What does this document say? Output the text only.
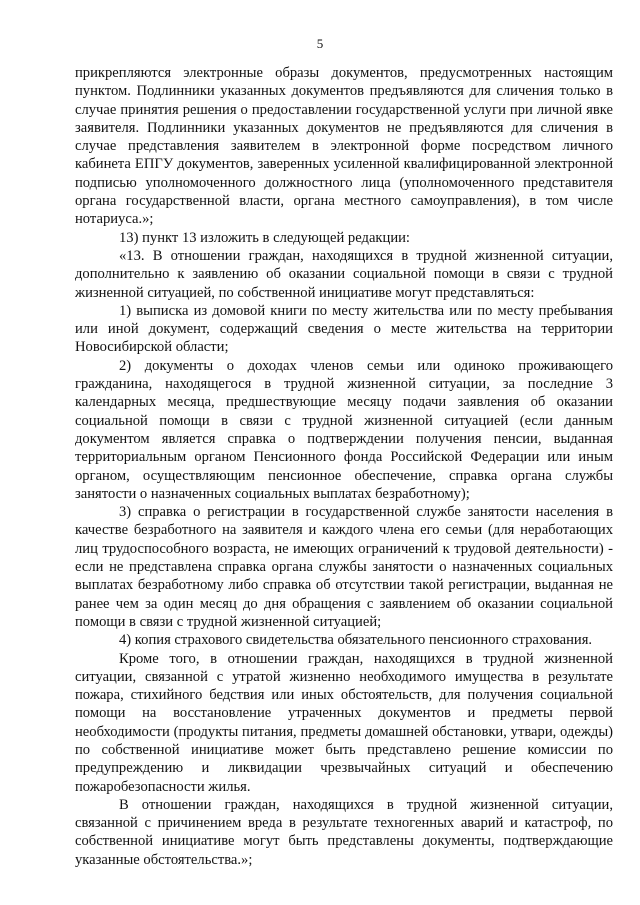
5

прикрепляются электронные образы документов, предусмотренных настоящим пунктом. Подлинники указанных документов предъявляются для сличения только в случае принятия решения о предоставлении государственной услуги при личной явке заявителя. Подлинники указанных документов не предъявляются для сличения в случае представления заявителем в электронной форме посредством личного кабинета ЕПГУ документов, заверенных усиленной квалифицированной электронной подписью уполномоченного должностного лица (уполномоченного представителя органа государственной власти, органа местного самоуправления), в том числе нотариуса.»;

13) пункт 13 изложить в следующей редакции:

«13. В отношении граждан, находящихся в трудной жизненной ситуации, дополнительно к заявлению об оказании социальной помощи в связи с трудной жизненной ситуацией, по собственной инициативе могут представляться:

1) выписка из домовой книги по месту жительства или по месту пребывания или иной документ, содержащий сведения о месте жительства на территории Новосибирской области;

2) документы о доходах членов семьи или одиноко проживающего гражданина, находящегося в трудной жизненной ситуации, за последние 3 календарных месяца, предшествующие месяцу подачи заявления об оказании социальной помощи в связи с трудной жизненной ситуацией (если данным документом является справка о подтверждении получения пенсии, выданная территориальным органом Пенсионного фонда Российской Федерации или иным органом, осуществляющим пенсионное обеспечение, справка органа службы занятости о назначенных социальных выплатах безработному);

3) справка о регистрации в государственной службе занятости населения в качестве безработного на заявителя и каждого члена его семьи (для неработающих лиц трудоспособного возраста, не имеющих ограничений к трудовой деятельности) - если не представлена справка органа службы занятости о назначенных социальных выплатах безработному либо справка об отсутствии такой регистрации, выданная не ранее чем за один месяц до дня обращения с заявлением об оказании социальной помощи в связи с трудной жизненной ситуацией;

4) копия страхового свидетельства обязательного пенсионного страхования.

Кроме того, в отношении граждан, находящихся в трудной жизненной ситуации, связанной с утратой жизненно необходимого имущества в результате пожара, стихийного бедствия или иных обстоятельств, для получения социальной помощи на восстановление утраченных документов и предметы первой необходимости (продукты питания, предметы домашней обстановки, утвари, одежды) по собственной инициативе может быть представлено решение комиссии по предупреждению и ликвидации чрезвычайных ситуаций и обеспечению пожаробезопасности жилья.

В отношении граждан, находящихся в трудной жизненной ситуации, связанной с причинением вреда в результате техногенных аварий и катастроф, по собственной инициативе могут быть представлены документы, подтверждающие указанные обстоятельства.»;
